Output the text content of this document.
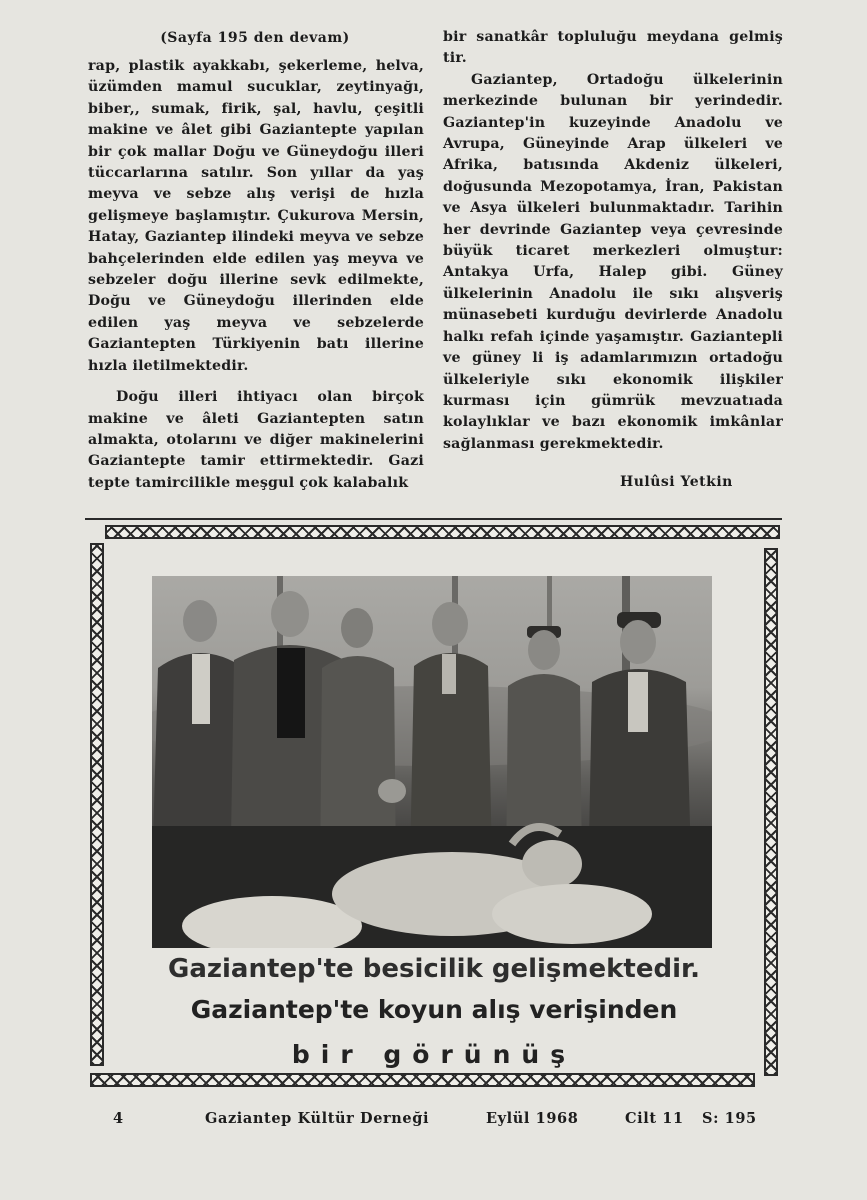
(Sayfa 195 den devam)

rap, plastik ayakkabı, şekerleme, helva, üzümden mamul sucuklar, zeytinyağı, biber,, sumak, firik, şal, havlu, çeşitli makine ve âlet gibi Gaziantepte yapılan bir çok mallar Doğu ve Güneydoğu illeri tüccarlarına satılır. Son yıllar da yaş meyva ve sebze alış verişi de hızla gelişmeye başlamıştır. Çukurova Mersin, Hatay, Gaziantep ilindeki meyva ve sebze bahçelerinden elde edilen yaş meyva ve sebzeler doğu illerine sevk edilmekte, Doğu ve Güneydoğu illerinden elde edilen yaş meyva ve sebzelerde Gaziantepten Türkiyenin batı illerine hızla iletilmektedir.

Doğu illeri ihtiyacı olan birçok makine ve âleti Gaziantepten satın almakta, otolarını ve diğer makinelerini Gaziantepte tamir ettirmektedir. Gazi tepte tamircilikle meşgul çok kalabalık

bir sanatkâr topluluğu meydana gelmiş tir.

Gaziantep, Ortadoğu ülkelerinin merkezinde bulunan bir yerindedir. Gaziantep'in kuzeyinde Anadolu ve Avrupa, Güneyinde Arap ülkeleri ve Afrika, batısında Akdeniz ülkeleri, doğusunda Mezopotamya, İran, Pakistan ve Asya ülkeleri bulunmaktadır. Tarihin her devrinde Gaziantep veya çevresinde büyük ticaret merkezleri olmuştur: Antakya Urfa, Halep gibi. Güney ülkelerinin Anadolu ile sıkı alışveriş münasebeti kurduğu devirlerde Anadolu halkı refah içinde yaşamıştır. Gaziantepli ve güney li iş adamlarımızın ortadoğu ülkeleriyle sıkı ekonomik ilişkiler kurması için gümrük mevzuatıada kolaylıklar ve bazı ekonomik imkânlar sağlanması gerekmektedir.

Hulûsi Yetkin
Gaziantep'te besicilik gelişmektedir.
Gaziantep'te koyun alış verişinden
bir görünüş
4	Gaziantep Kültür Derneği	Eylül 1968	Cilt 11 S: 195
